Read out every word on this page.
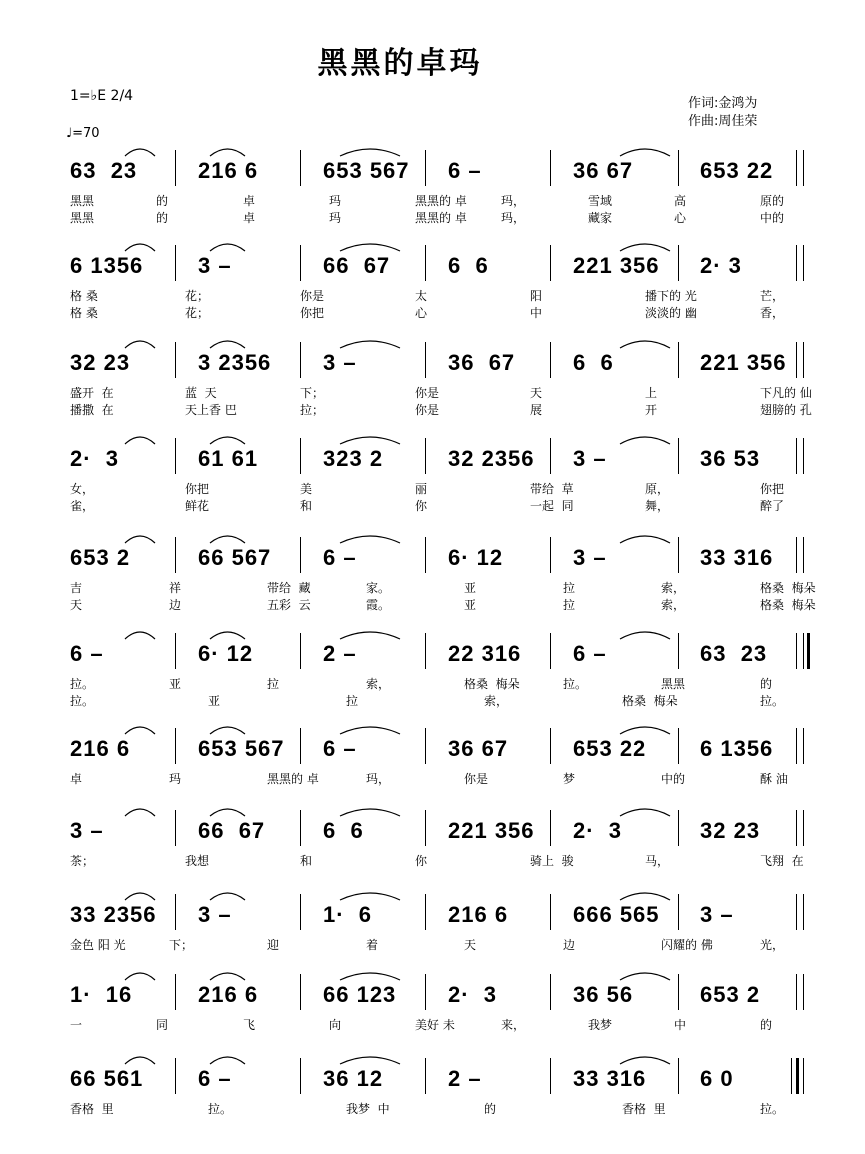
黑黑的卓玛
1=♭E 2/4
♩=70
作词:金鸿为
作曲:周佳荣
63  23	216 6	653 567 6 –	36 67	653 22
黑黑	的	卓	玛	黑黑的 卓	玛，	雪域	高	原的
黑黑	的	卓	玛	黑黑的 卓	玛，	藏家	心	中的
6 1356 3 –	66  67	6  6	221 356 2· 3
格 桑	花；	你是	太	阳	播下的 光	芒，
格 桑	花；	你把	心	中	淡淡的 幽	香，
32 23	3 2356 3 –	36  67	6  6	221 356
盛开  在	蓝  天	下；	你是	天	上	下凡的 仙
播撒  在	天上香 巴	拉；	你是	展	开	翅膀的 孔
2·  3	61 61	323 2	32 2356 3 –	36 53
女，	你把	美	丽	带给  草	原，	你把
雀，	鲜花	和	你	一起  同	舞，	醉了
653 2	66 567 6 –	6· 12	3 –	33 316
吉	祥	带给  藏	家。	亚	拉	索，	格桑  梅朵
天	边	五彩  云	霞。	亚	拉	索，	格桑  梅朵
6 –	6· 12	2 –	22 316 6 –	63  23
拉。	亚	拉	索，	格桑  梅朵	拉。	黑黑	的
拉。	亚	拉	索，	格桑  梅朵	拉。
216 6	653 567 6 –	36 67	653 22 6 1356
卓	玛	黑黑的 卓	玛，	你是	梦	中的	酥 油
3 –	66  67	6  6	221 356 2·  3	32 23
茶；	我想	和	你	骑上  骏	马，	飞翔  在
33 2356 3 –	1·  6	216 6	666 565 3 –
金色 阳 光	下；	迎	着	天	边	闪耀的 佛	光，
1·  16	216 6	66 123 2·  3	36 56	653 2
一	同	飞	向	美好 未	来，	我梦	中	的
66 561 6 –	36 12	2 –	33 316 6 0
香格  里	拉。	我梦  中	的	香格  里	拉。
